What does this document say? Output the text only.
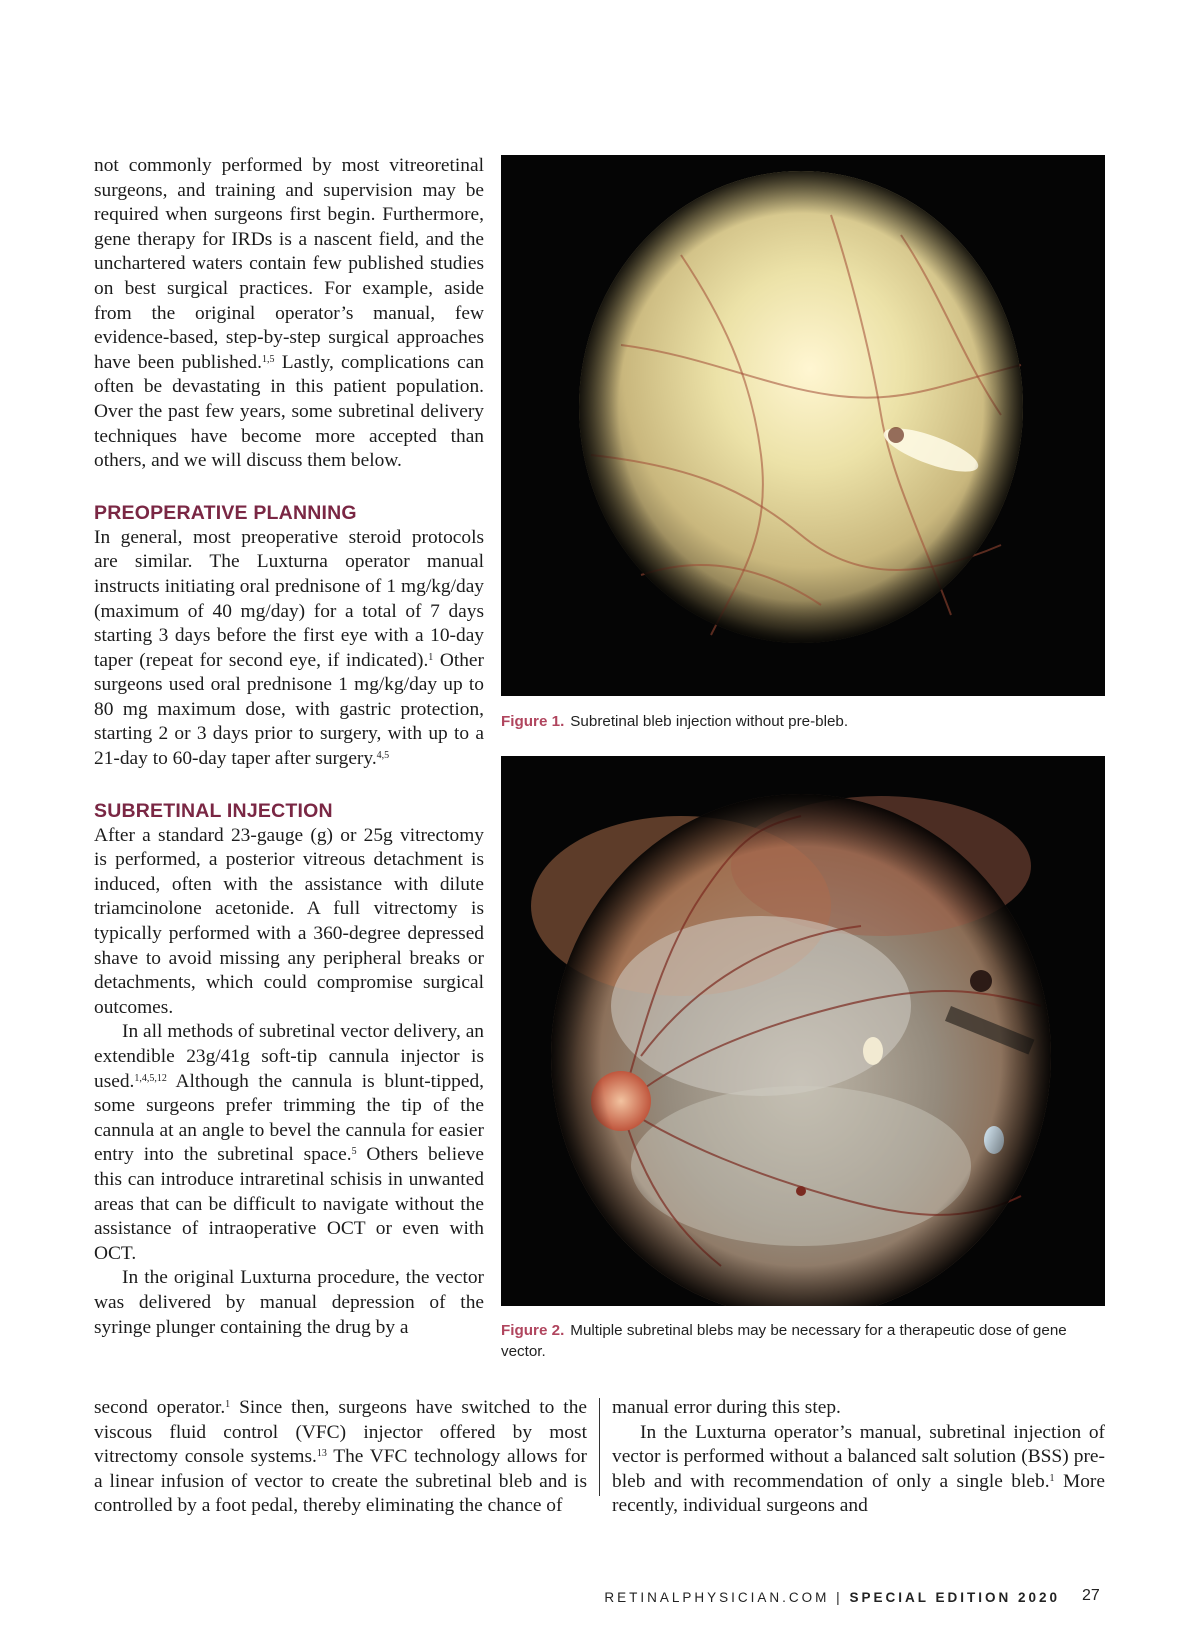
not commonly performed by most vitreoretinal surgeons, and training and supervision may be required when surgeons first begin. Furthermore, gene therapy for IRDs is a nascent field, and the unchartered waters contain few published studies on best surgical practices. For example, aside from the original operator’s manual, few evidence-based, step-by-step surgical approaches have been published.$^{1,5}$ Lastly, complications can often be devastating in this patient population. Over the past few years, some subretinal delivery techniques have become more accepted than others, and we will discuss them below.

PREOPERATIVE PLANNING

In general, most preoperative steroid protocols are similar. The Luxturna operator manual instructs initiating oral prednisone of 1 mg/kg/day (maximum of 40 mg/day) for a total of 7 days starting 3 days before the first eye with a 10-day taper (repeat for second eye, if indicated).$^1$ Other surgeons used oral prednisone 1 mg/kg/day up to 80 mg maximum dose, with gastric protection, starting 2 or 3 days prior to surgery, with up to a 21-day to 60-day taper after surgery.$^{4,5}$

SUBRETINAL INJECTION

After a standard 23-gauge (g) or 25g vitrectomy is performed, a posterior vitreous detachment is induced, often with the assistance with dilute triamcinolone acetonide. A full vitrectomy is typically performed with a 360-degree depressed shave to avoid missing any peripheral breaks or detachments, which could compromise surgical outcomes.

In all methods of subretinal vector delivery, an extendible 23g/41g soft-tip cannula injector is used.$^{1,4,5,12}$ Although the cannula is blunt-tipped, some surgeons prefer trimming the tip of the cannula at an angle to bevel the cannula for easier entry into the subretinal space.$^5$ Others believe this can introduce intraretinal schisis in unwanted areas that can be difficult to navigate without the assistance of intraoperative OCT or even with OCT.

In the original Luxturna procedure, the vector was delivered by manual depression of the syringe plunger containing the drug by a

second operator.$^1$ Since then, surgeons have switched to the viscous fluid control (VFC) injector offered by most vitrectomy console systems.$^{13}$ The VFC technology allows for a linear infusion of vector to create the subretinal bleb and is controlled by a foot pedal, thereby eliminating the chance of

manual error during this step.

In the Luxturna operator’s manual, subretinal injection of vector is performed without a balanced salt solution (BSS) pre-bleb and with recommendation of only a single bleb.$^1$ More recently, individual surgeons and

Figure 1. Subretinal bleb injection without pre-bleb.
Figure 2. Multiple subretinal blebs may be necessary for a therapeutic dose of gene vector.
RETINALPHYSICIAN.COM | SPECIAL EDITION 2020 27
